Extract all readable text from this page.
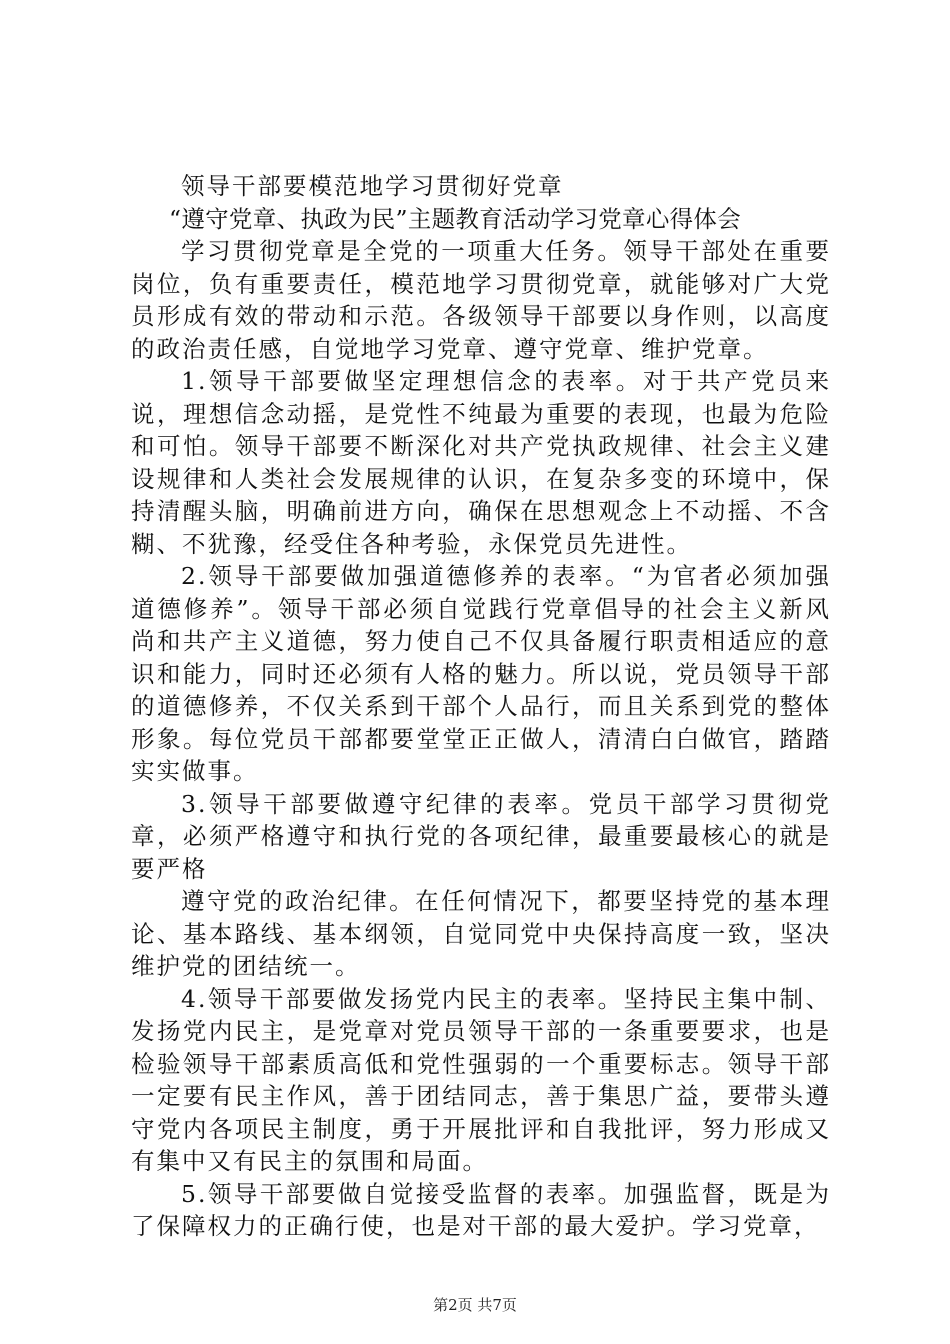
领导干部要模范地学习贯彻好党章

“遵守党章、执政为民”主题教育活动学习党章心得体会

学习贯彻党章是全党的一项重大任务。领导干部处在重要岗位，负有重要责任，模范地学习贯彻党章，就能够对广大党员形成有效的带动和示范。各级领导干部要以身作则，以高度的政治责任感，自觉地学习党章、遵守党章、维护党章。

1.领导干部要做坚定理想信念的表率。对于共产党员来说，理想信念动摇，是党性不纯最为重要的表现，也最为危险和可怕。领导干部要不断深化对共产党执政规律、社会主义建设规律和人类社会发展规律的认识，在复杂多变的环境中，保持清醒头脑，明确前进方向，确保在思想观念上不动摇、不含糊、不犹豫，经受住各种考验，永保党员先进性。

2.领导干部要做加强道德修养的表率。“为官者必须加强道德修养”。领导干部必须自觉践行党章倡导的社会主义新风尚和共产主义道德，努力使自己不仅具备履行职责相适应的意识和能力，同时还必须有人格的魅力。所以说，党员领导干部的道德修养，不仅关系到干部个人品行，而且关系到党的整体形象。每位党员干部都要堂堂正正做人，清清白白做官，踏踏实实做事。

3.领导干部要做遵守纪律的表率。党员干部学习贯彻党章，必须严格遵守和执行党的各项纪律，最重要最核心的就是要严格

遵守党的政治纪律。在任何情况下，都要坚持党的基本理论、基本路线、基本纲领，自觉同党中央保持高度一致，坚决维护党的团结统一。

4.领导干部要做发扬党内民主的表率。坚持民主集中制、发扬党内民主，是党章对党员领导干部的一条重要要求，也是检验领导干部素质高低和党性强弱的一个重要标志。领导干部一定要有民主作风，善于团结同志，善于集思广益，要带头遵守党内各项民主制度，勇于开展批评和自我批评，努力形成又有集中又有民主的氛围和局面。

5.领导干部要做自觉接受监督的表率。加强监督，既是为了保障权力的正确行使，也是对干部的最大爱护。学习党章，

第2页 共7页
